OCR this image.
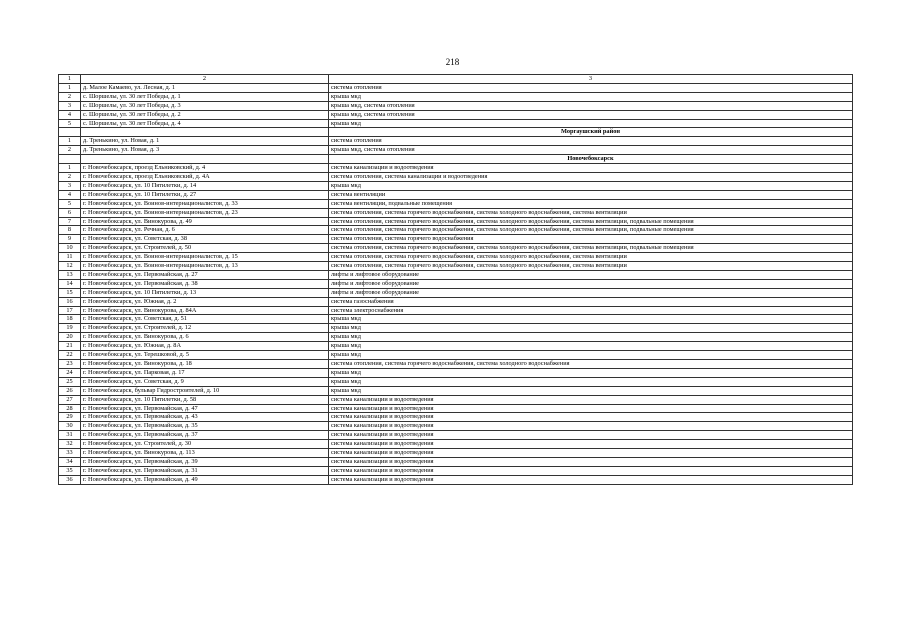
218
1	2	3
1	д. Малое Камаево, ул. Лесная, д. 1	система отопления
2	с. Шоршелы, ул. 30 лет Победы, д. 1	крыша мкд
3	с. Шоршелы, ул. 30 лет Победы, д. 3	крыша мкд, система отопления
4	с. Шоршелы, ул. 30 лет Победы, д. 2	крыша мкд, система отопления
5	с. Шоршелы, ул. 30 лет Победы, д. 4	крыша мкд
		Моргаушский район
1	д. Тренькино, ул. Новая, д. 1	система отопления
2	д. Тренькино, ул. Новая, д. 3	крыша мкд, система отопления
		Новочебоксарск
1	г. Новочебоксарск, проезд Ельниковский, д. 4	система канализации и водоотведения
2	г. Новочебоксарск, проезд Ельниковский, д. 4А	система отопления, система канализации и водоотведения
3	г. Новочебоксарск, ул. 10 Пятилетки, д. 14	крыша мкд
4	г. Новочебоксарск, ул. 10 Пятилетки, д. 27	система вентиляции
5	г. Новочебоксарск, ул. Воинов-интернационалистов, д. 33	система вентиляции, подвальные помещения
6	г. Новочебоксарск, ул. Воинов-интернационалистов, д. 23	система отопления, система горячего водоснабжения, система холодного водоснабжения, система вентиляции
7	г. Новочебоксарск, ул. Винокурова, д. 49	система отопления, система горячего водоснабжения, система холодного водоснабжения, система вентиляции, подвальные помещения
8	г. Новочебоксарск, ул. Речная, д. 6	система отопления, система горячего водоснабжения, система холодного водоснабжения, система вентиляции, подвальные помещения
9	г. Новочебоксарск, ул. Советская, д. 38	система отопления, система горячего водоснабжения
10	г. Новочебоксарск, ул. Строителей, д. 50	система отопления, система горячего водоснабжения, система холодного водоснабжения, система вентиляции, подвальные помещения
11	г. Новочебоксарск, ул. Воинов-интернационалистов, д. 15	система отопления, система горячего водоснабжения, система холодного водоснабжения, система вентиляции
12	г. Новочебоксарск, ул. Воинов-интернационалистов, д. 13	система отопления, система горячего водоснабжения, система холодного водоснабжения, система вентиляции
13	г. Новочебоксарск, ул. Первомайская, д. 27	лифты и лифтовое оборудование
14	г. Новочебоксарск, ул. Первомайская, д. 38	лифты и лифтовое оборудование
15	г. Новочебоксарск, ул. 10 Пятилетки, д. 13	лифты и лифтовое оборудование
16	г. Новочебоксарск, ул. Южная, д. 2	система газоснабжения
17	г. Новочебоксарск, ул. Винокурова, д. 84А	система электроснабжения
18	г. Новочебоксарск, ул. Советская, д. 51	крыша мкд
19	г. Новочебоксарск, ул. Строителей, д. 12	крыша мкд
20	г. Новочебоксарск, ул. Винокурова, д. 6	крыша мкд
21	г. Новочебоксарск, ул. Южная, д. 8А	крыша мкд
22	г. Новочебоксарск, ул. Терешковой, д. 5	крыша мкд
23	г. Новочебоксарск, ул. Винокурова, д. 18	система отопления, система горячего водоснабжения, система холодного водоснабжения
24	г. Новочебоксарск, ул. Парковая, д. 17	крыша мкд
25	г. Новочебоксарск, ул. Советская, д. 9	крыша мкд
26	г. Новочебоксарск, бульвар Гидростроителей, д. 10	крыша мкд
27	г. Новочебоксарск, ул. 10 Пятилетки, д. 58	система канализации и водоотведения
28	г. Новочебоксарск, ул. Первомайская, д. 47	система канализации и водоотведения
29	г. Новочебоксарск, ул. Первомайская, д. 43	система канализации и водоотведения
30	г. Новочебоксарск, ул. Первомайская, д. 35	система канализации и водоотведения
31	г. Новочебоксарск, ул. Первомайская, д. 37	система канализации и водоотведения
32	г. Новочебоксарск, ул. Строителей, д. 30	система канализации и водоотведения
33	г. Новочебоксарск, ул. Винокурова, д. 113	система канализации и водоотведения
34	г. Новочебоксарск, ул. Первомайская, д. 39	система канализации и водоотведения
35	г. Новочебоксарск, ул. Первомайская, д. 31	система канализации и водоотведения
36	г. Новочебоксарск, ул. Первомайская, д. 49	система канализации и водоотведения
